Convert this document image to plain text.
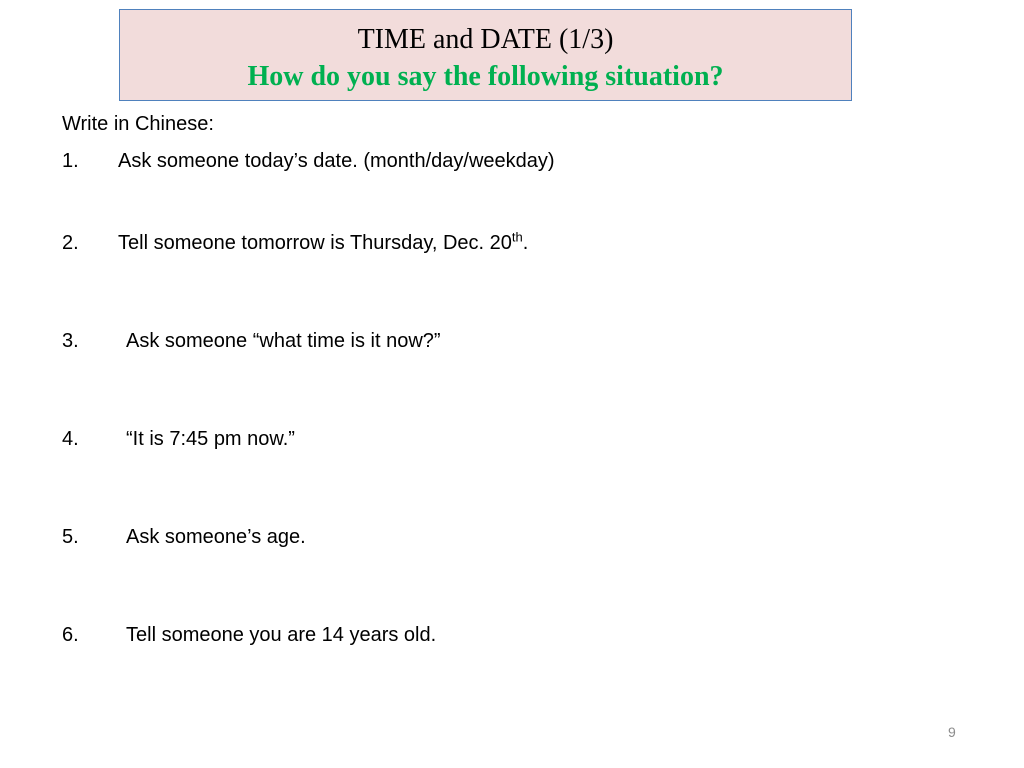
TIME and DATE (1/3)
How do you say the following situation?
Write in Chinese:
1. Ask someone today’s date. (month/day/weekday)
2. Tell someone tomorrow is Thursday, Dec. 20th.
3. Ask someone “what time is it now?”
4. “It is 7:45 pm now.”
5. Ask someone’s age.
6. Tell someone you are 14 years old.
9
